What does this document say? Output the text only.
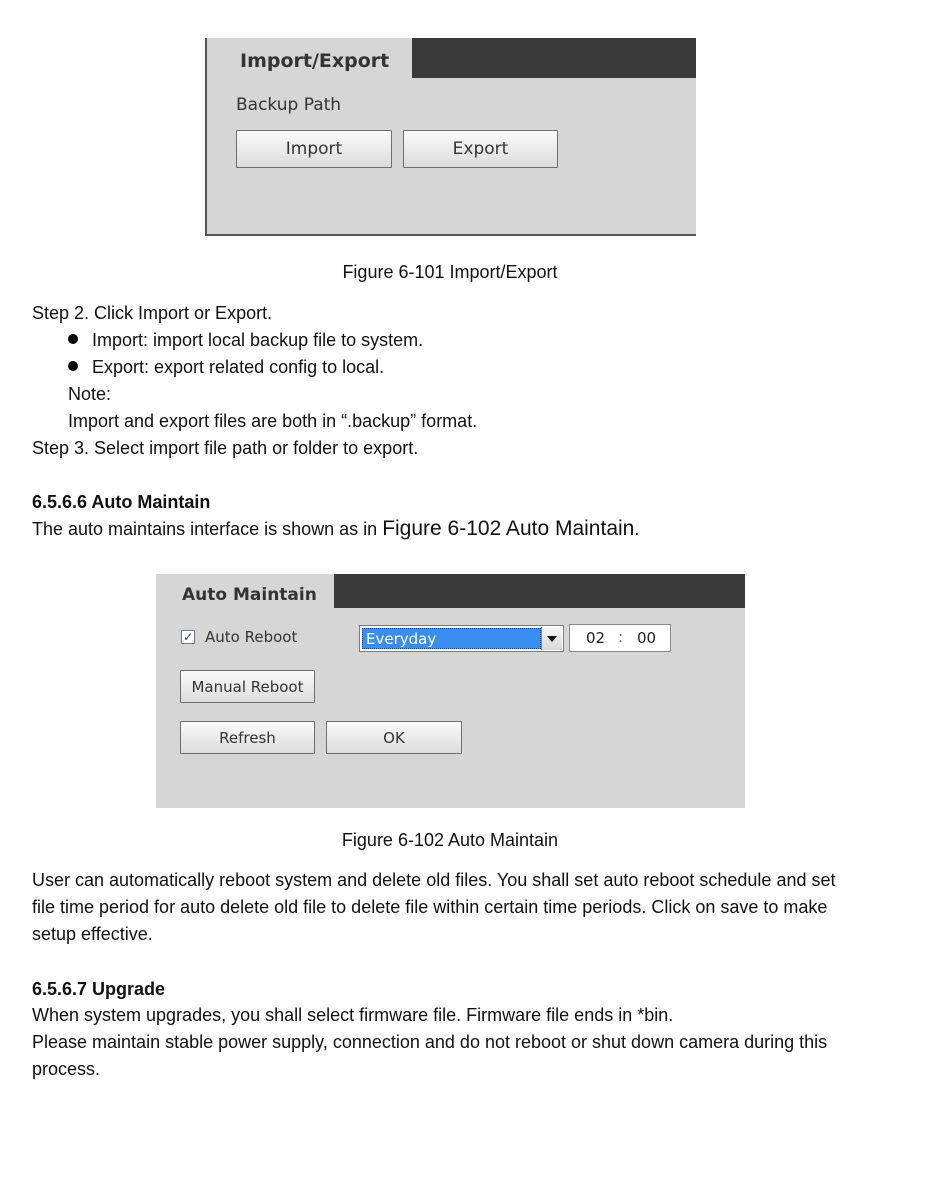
Import/Export
Backup Path
Import	Export
Figure 6-101 Import/Export
Step 2. Click Import or Export.
Import: import local backup file to system.
Export: export related config to local.
Note:
Import and export files are both in “.backup” format.
Step 3. Select import file path or folder to export.
6.5.6.6 Auto Maintain
The auto maintains interface is shown as in Figure 6-102 Auto Maintain.
Auto Maintain
✓ Auto Reboot	Everyday	02 : 00
Manual Reboot
Refresh	OK
Figure 6-102 Auto Maintain
User can automatically reboot system and delete old files. You shall set auto reboot schedule and set file time period for auto delete old file to delete file within certain time periods. Click on save to make setup effective.
6.5.6.7 Upgrade
When system upgrades, you shall select firmware file. Firmware file ends in *bin.
Please maintain stable power supply, connection and do not reboot or shut down camera during this process.
